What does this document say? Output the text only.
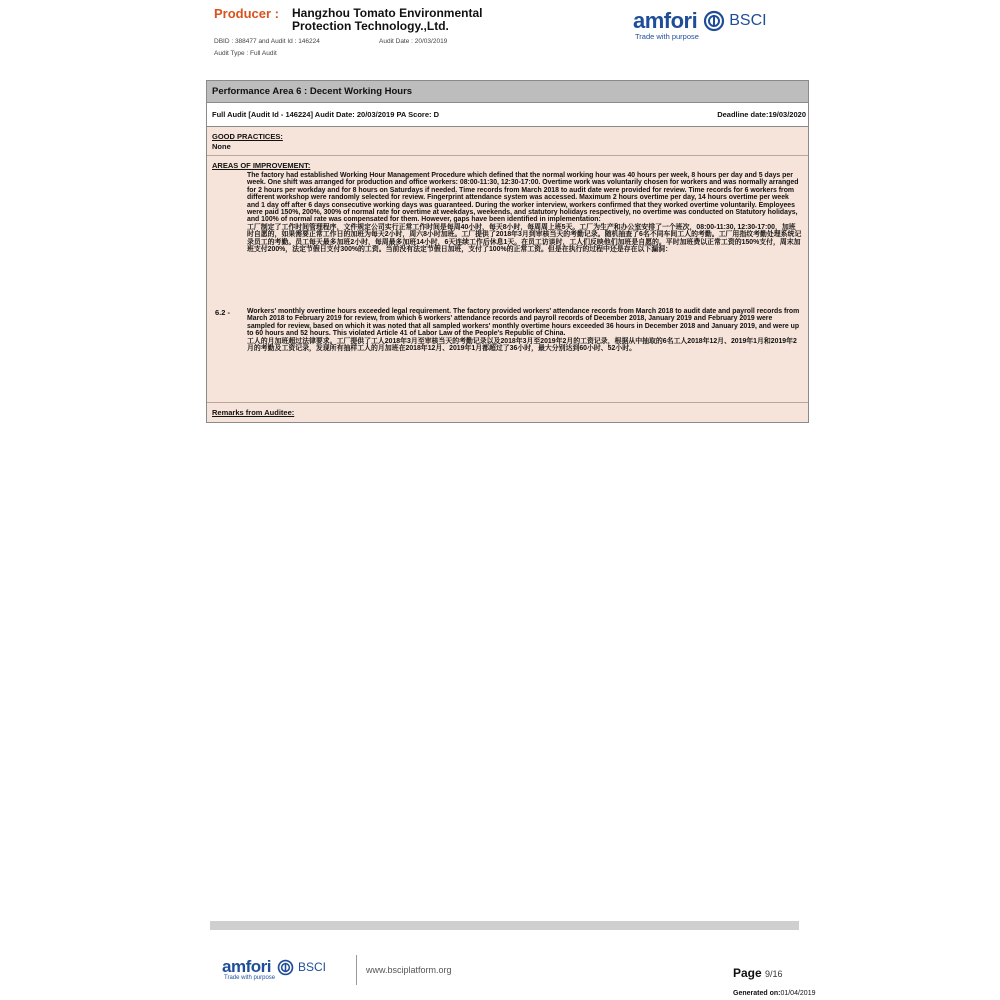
Producer : Hangzhou Tomato Environmental Protection Technology.,Ltd.
DBID : 388477 and Audit Id : 146224	Audit Date : 20/03/2019
Audit Type : Full Audit
amfori BSCI
Trade with purpose
Performance Area 6 : Decent Working Hours
Full Audit [Audit Id - 146224] Audit Date: 20/03/2019 PA Score: D	Deadline date:19/03/2020
GOOD PRACTICES:
None
AREAS OF IMPROVEMENT:
The factory had established Working Hour Management Procedure which defined that the normal working hour was 40 hours per week, 8 hours per day and 5 days per week. One shift was arranged for production and office workers: 08:00-11:30, 12:30-17:00. Overtime work was voluntarily chosen for workers and was normally arranged for 2 hours per workday and for 8 hours on Saturdays if needed. Time records from March 2018 to audit date were provided for review. Time records for 6 workers from different workshop were randomly selected for review. Fingerprint attendance system was accessed. Maximum 2 hours overtime per day, 14 hours overtime per week and 1 day off after 6 days consecutive working days was guaranteed. During the worker interview, workers confirmed that they worked overtime voluntarily. Employees were paid 150%, 200%, 300% of normal rate for overtime at weekdays, weekends, and statutory holidays respectively, no overtime was conducted on Statutory holidays, and 100% of normal rate was compensated for them. However, gaps have been identified in implementation:
工厂制定了工作时间管理程序，文件规定公司实行正常工作时间是每周40小时，每天8小时，每周周上班5天。工厂为生产和办公室安排了一个班次，08:00-11:30, 12:30-17:00，加班时自愿的，如果需要正常工作日的加班为每天2小时，周六8小时加班。工厂提供了2018年3月到审核当天的考勤记录。随机抽查了6名不同车间工人的考勤。工厂用指纹考勤处理系统记录员工的考勤。员工每天最多加班2小时，每周最多加班14小时，6天连续工作后休息1天。在员工访谈时，工人们反映他们加班是自愿的。平时加班费以正常工资的150%支付，周末加班支付200%，法定节假日支付300%的工资。当前没有法定节假日加班，支付了100%的正常工资。但是在执行的过程中还是存在以下漏洞：
6.2 - Workers' monthly overtime hours exceeded legal requirement. The factory provided workers' attendance records from March 2018 to audit date and payroll records from March 2018 to February 2019 for review, from which 6 workers' attendance records and payroll records of December 2018, January 2019 and February 2019 were sampled for review, based on which it was noted that all sampled workers' monthly overtime hours exceeded 36 hours in December 2018 and January 2019, and were up to 60 hours and 52 hours. This violated Article 41 of Labor Law of the People's Republic of China.
工人的月加班超过法律要求。工厂提供了工人2018年3月至审核当天的考勤记录以及2018年3月至2019年2月的工资记录，根据从中抽取的6名工人2018年12月、2019年1月和2019年2月的考勤及工资记录，发现所有抽样工人的月加班在2018年12月、2019年1月都超过了36小时，最大分别达到60小时、52小时。
Remarks from Auditee:
amfori BSCI
Trade with purpose
www.bsciplatform.org	Page 9/16
Generated on:01/04/2019
